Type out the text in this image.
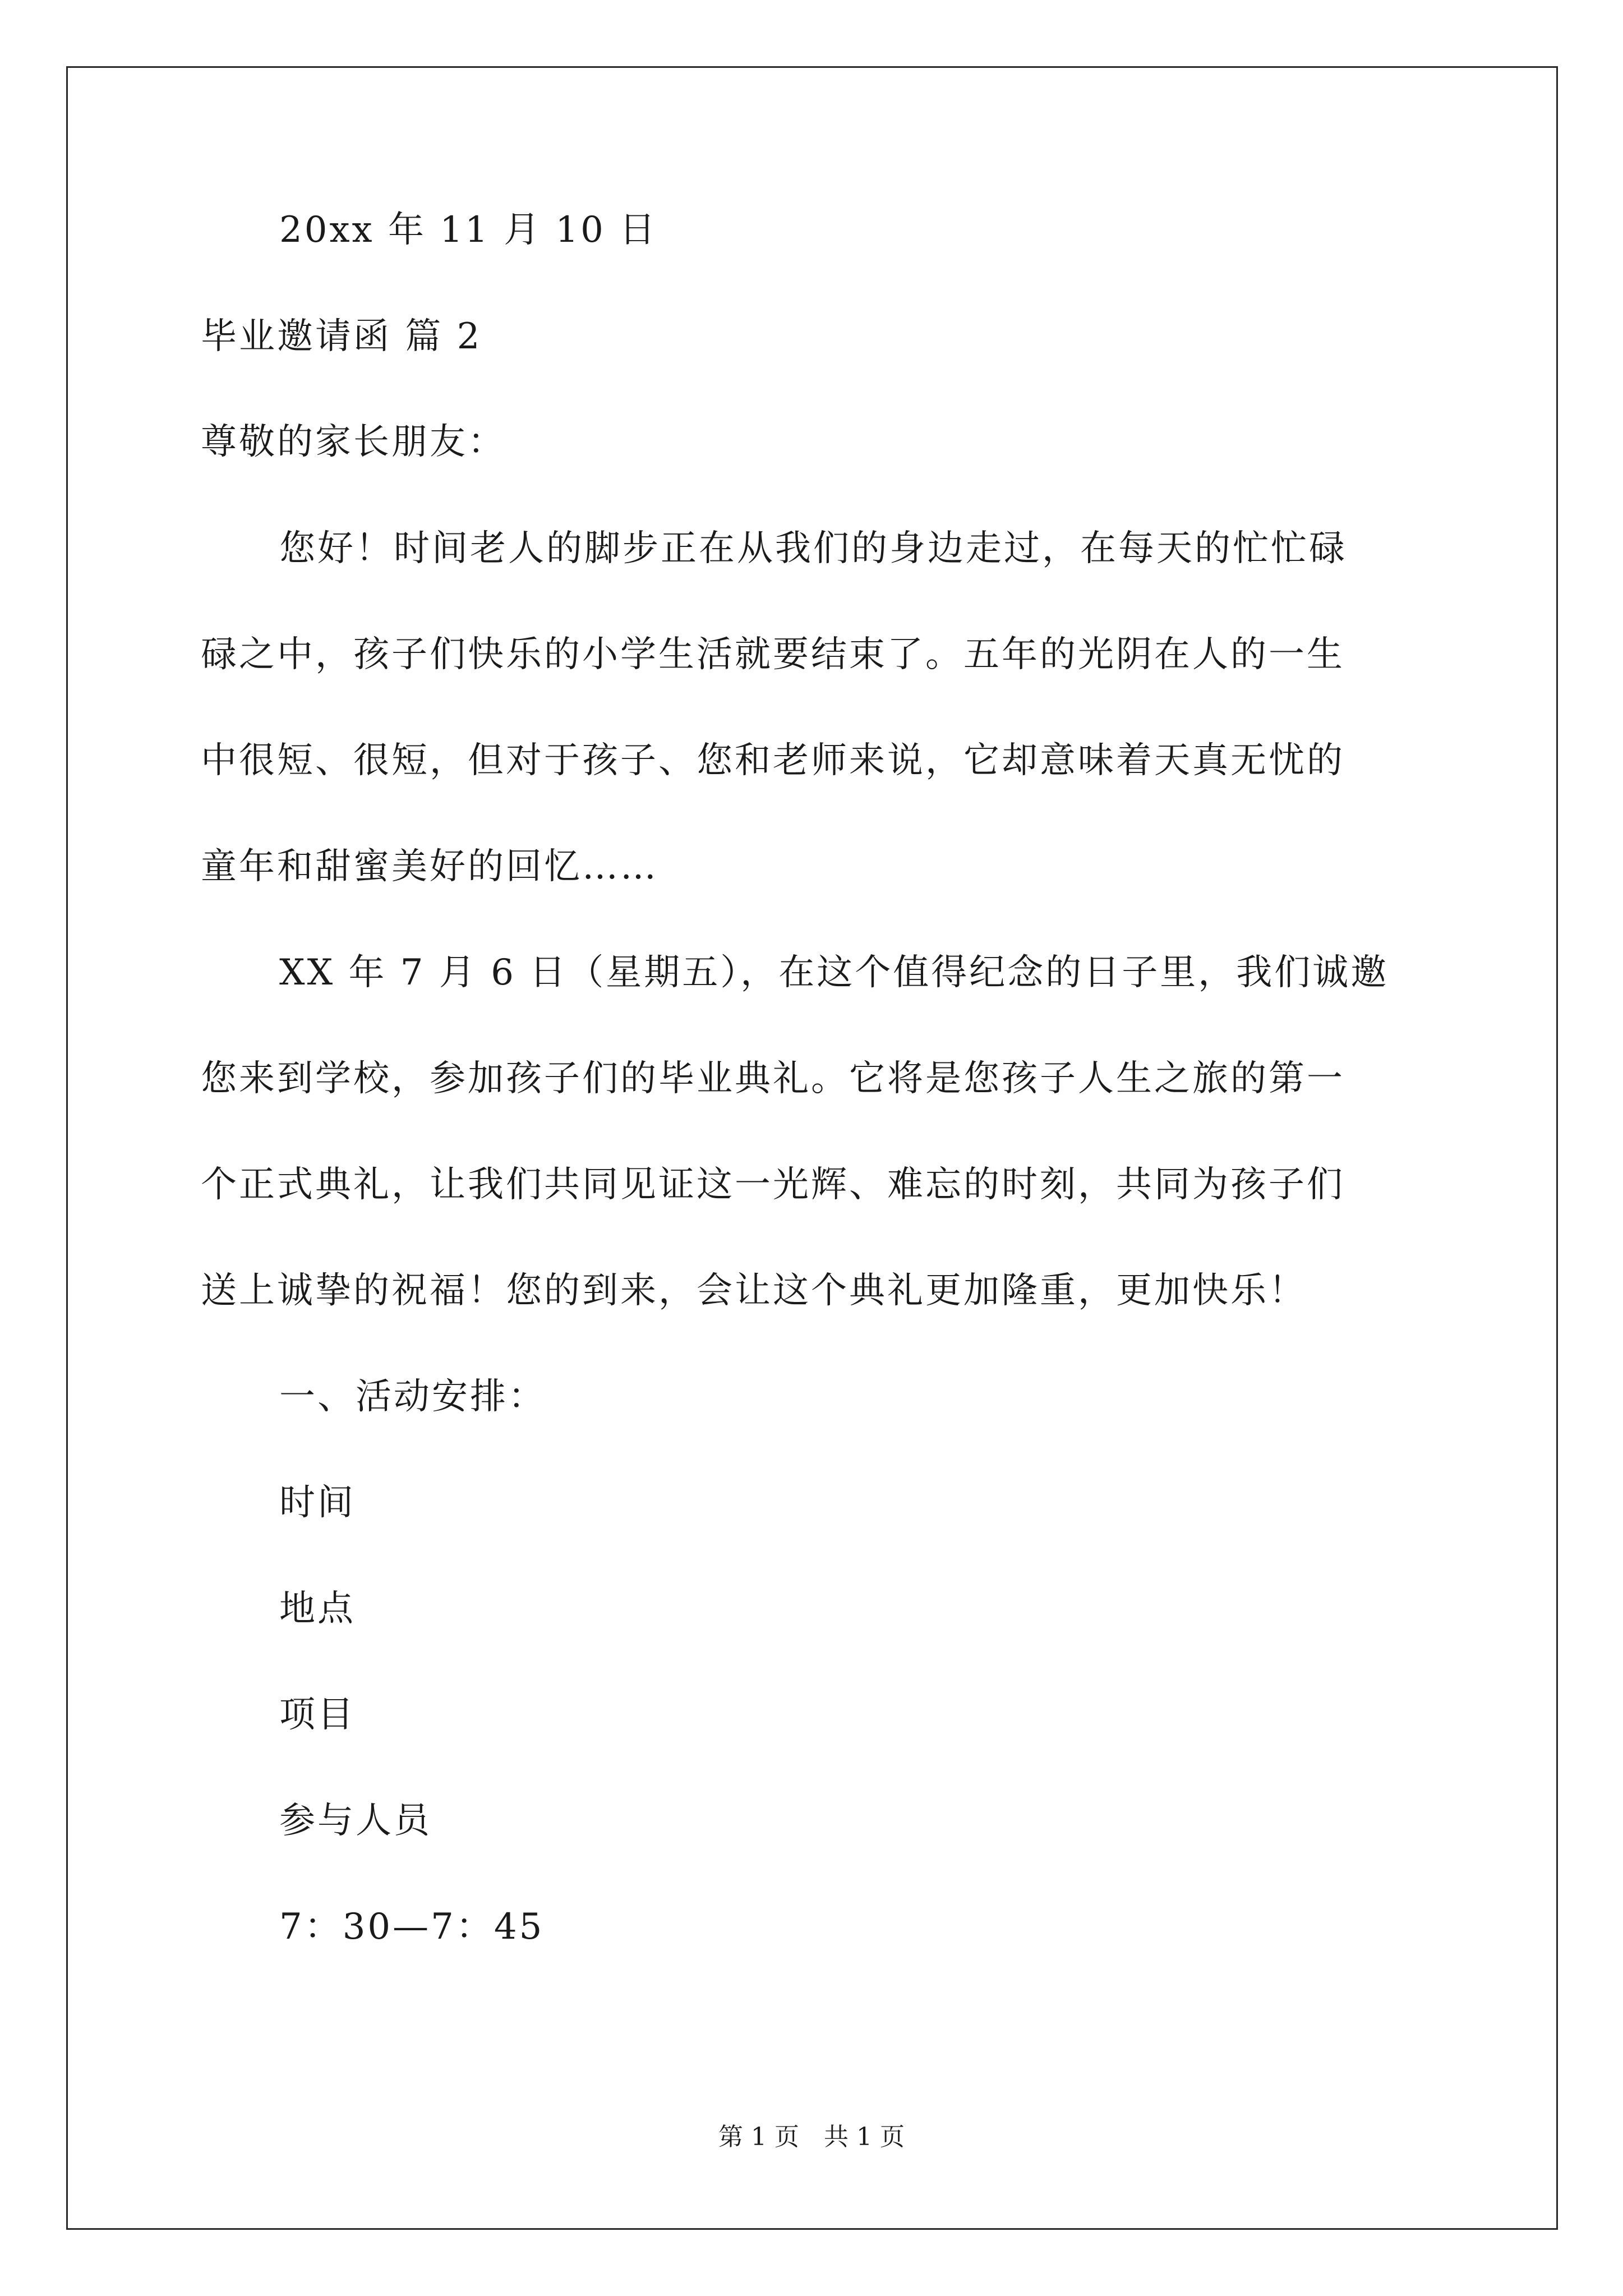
20xx 年 11 月 10 日
毕业邀请函 篇 2
尊敬的家长朋友：
您好！时间老人的脚步正在从我们的身边走过，在每天的忙忙碌
碌之中，孩子们快乐的小学生活就要结束了。五年的光阴在人的一生
中很短、很短，但对于孩子、您和老师来说，它却意味着天真无忧的
童年和甜蜜美好的回忆……
XX 年 7 月 6 日（星期五），在这个值得纪念的日子里，我们诚邀
您来到学校，参加孩子们的毕业典礼。它将是您孩子人生之旅的第一
个正式典礼，让我们共同见证这一光辉、难忘的时刻，共同为孩子们
送上诚挚的祝福！您的到来，会让这个典礼更加隆重，更加快乐！
一、活动安排：
时间
地点
项目
参与人员
7：30—7：45
第 1 页　共 1 页
